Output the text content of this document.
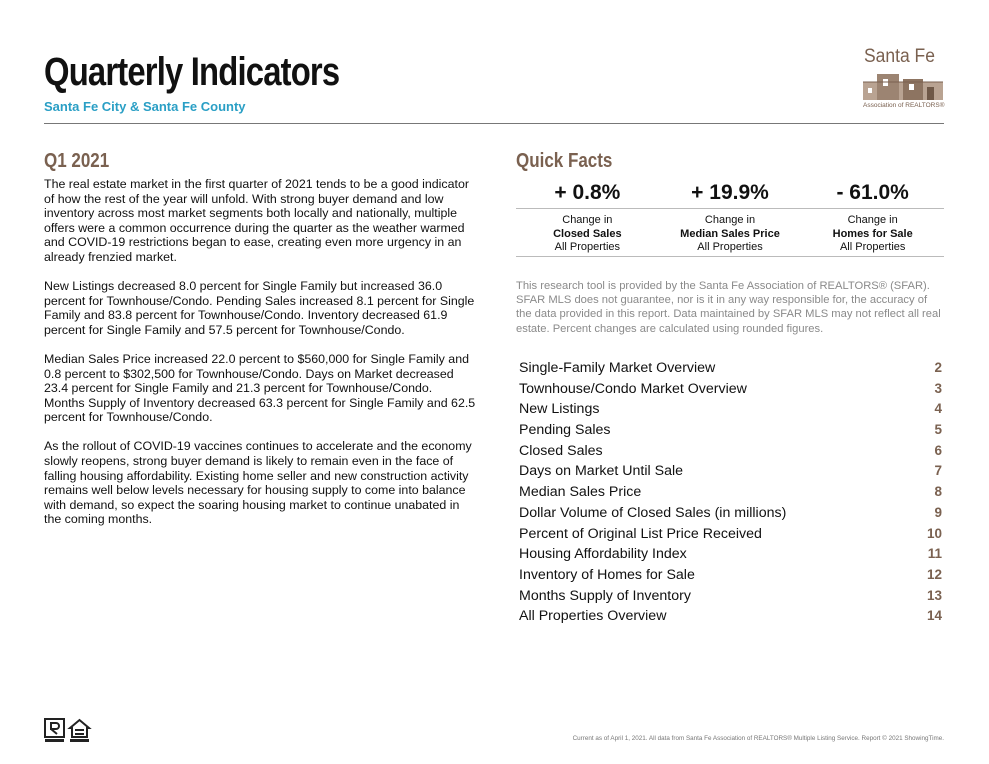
Quarterly Indicators
Santa Fe City & Santa Fe County
Santa Fe
Association of REALTORS®
Q1 2021

The real estate market in the first quarter of 2021 tends to be a good indicator of how the rest of the year will unfold. With strong buyer demand and low inventory across most market segments both locally and nationally, multiple offers were a common occurrence during the quarter as the weather warmed and COVID-19 restrictions began to ease, creating even more urgency in an already frenzied market.

New Listings decreased 8.0 percent for Single Family but increased 36.0 percent for Townhouse/Condo. Pending Sales increased 8.1 percent for Single Family and 83.8 percent for Townhouse/Condo. Inventory decreased 61.9 percent for Single Family and 57.5 percent for Townhouse/Condo.

Median Sales Price increased 22.0 percent to $560,000 for Single Family and 0.8 percent to $302,500 for Townhouse/Condo. Days on Market decreased 23.4 percent for Single Family and 21.3 percent for Townhouse/Condo. Months Supply of Inventory decreased 63.3 percent for Single Family and 62.5 percent for Townhouse/Condo.

As the rollout of COVID-19 vaccines continues to accelerate and the economy slowly reopens, strong buyer demand is likely to remain even in the face of falling housing affordability. Existing home seller and new construction activity remains well below levels necessary for housing supply to come into balance with demand, so expect the soaring housing market to continue unabated in the coming months.

Quick Facts
+ 0.8%	+ 19.9%	- 61.0%
Change in
Closed Sales
All Properties
Change in
Median Sales Price
All Properties
Change in
Homes for Sale
All Properties
This research tool is provided by the Santa Fe Association of REALTORS® (SFAR). SFAR MLS does not guarantee, nor is it in any way responsible for, the accuracy of the data provided in this report. Data maintained by SFAR MLS may not reflect all real estate. Percent changes are calculated using rounded figures.
Single-Family Market Overview	2
Townhouse/Condo Market Overview	3
New Listings	4
Pending Sales	5
Closed Sales	6
Days on Market Until Sale	7
Median Sales Price	8
Dollar Volume of Closed Sales (in millions)	9
Percent of Original List Price Received	10
Housing Affordability Index	11
Inventory of Homes for Sale	12
Months Supply of Inventory	13
All Properties Overview	14
Current as of April 1, 2021. All data from Santa Fe Association of REALTORS® Multiple Listing Service. Report © 2021 ShowingTime.
